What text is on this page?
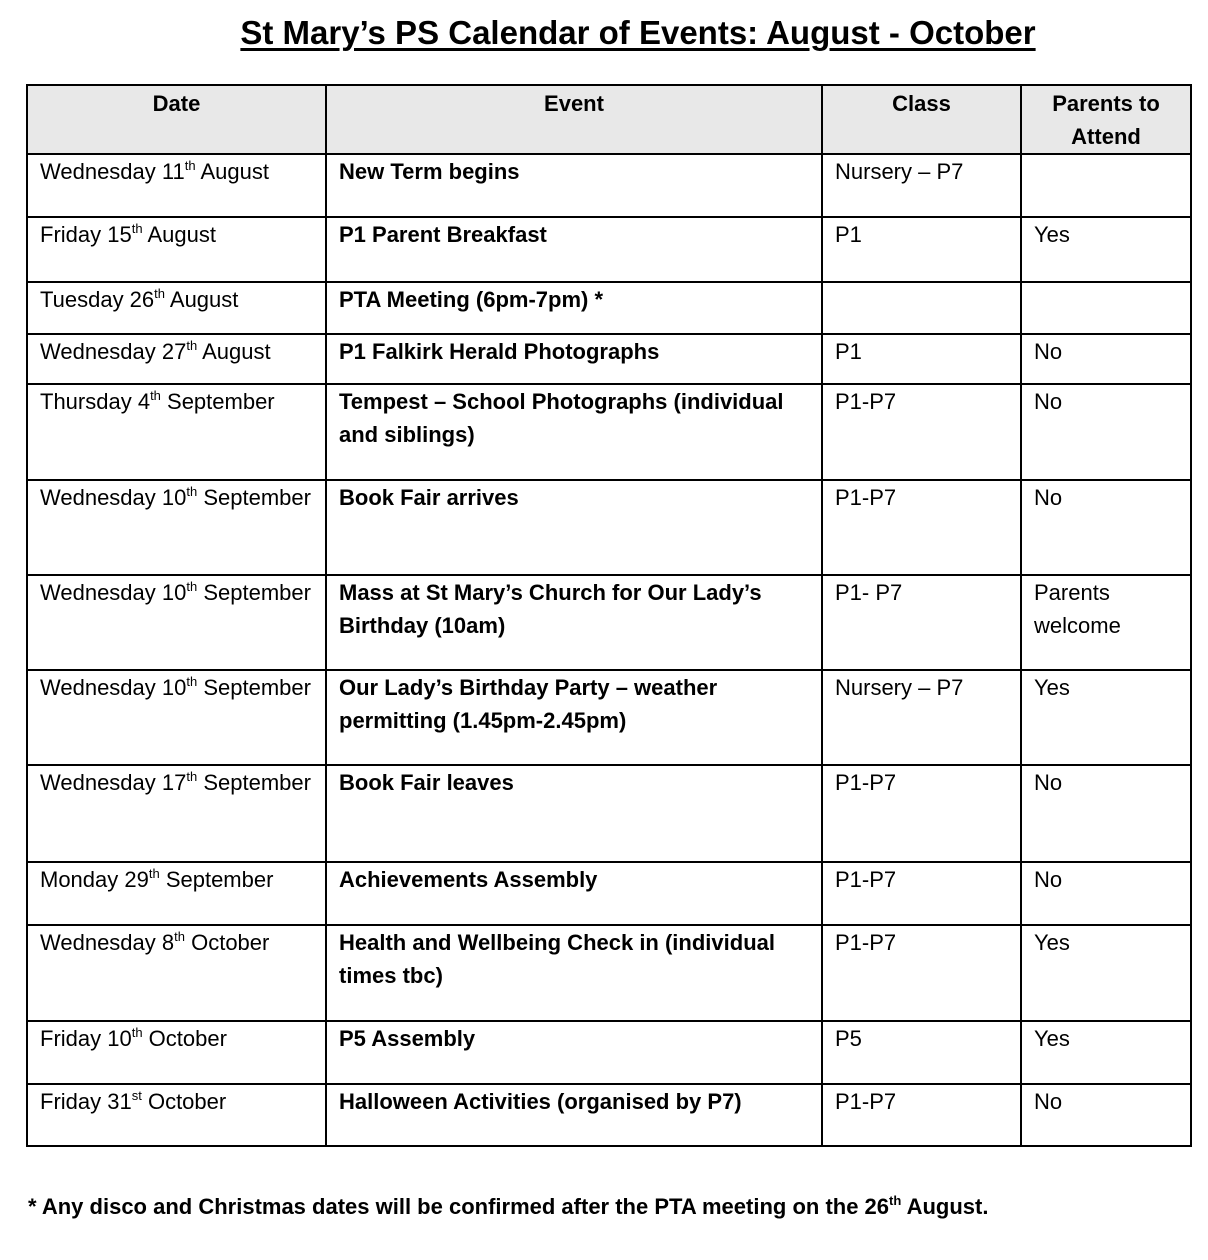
St Mary’s PS Calendar of Events: August - October
Date	Event	Class	Parents to Attend
Wednesday 11th August	New Term begins	Nursery – P7	
Friday 15th August	P1 Parent Breakfast	P1	Yes
Tuesday 26th August	PTA Meeting (6pm-7pm) *		
Wednesday 27th August	P1 Falkirk Herald Photographs	P1	No
Thursday 4th September	Tempest – School Photographs (individual and siblings)	P1-P7	No
Wednesday 10th September	Book Fair arrives	P1-P7	No
Wednesday 10th September	Mass at St Mary’s Church for Our Lady’s Birthday (10am)	P1- P7	Parents welcome
Wednesday 10th September	Our Lady’s Birthday Party – weather permitting (1.45pm-2.45pm)	Nursery – P7	Yes
Wednesday 17th September	Book Fair leaves	P1-P7	No
Monday 29th September	Achievements Assembly	P1-P7	No
Wednesday 8th October	Health and Wellbeing Check in (individual times tbc)	P1-P7	Yes
Friday 10th October	P5 Assembly	P5	Yes
Friday 31st October	Halloween Activities (organised by P7)	P1-P7	No
* Any disco and Christmas dates will be confirmed after the PTA meeting on the 26th August.
